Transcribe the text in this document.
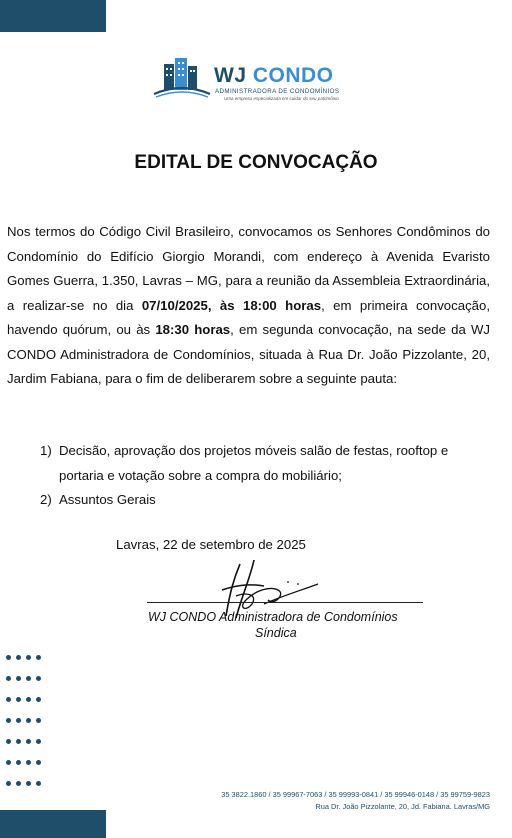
WJ CONDO
ADMINISTRADORA DE CONDOMÍNIOS
Uma empresa especializada em cuidar do seu patrimônio
EDITAL DE CONVOCAÇÃO

Nos termos do Código Civil Brasileiro, convocamos os Senhores Condôminos do Condomínio do Edifício Giorgio Morandi, com endereço à Avenida Evaristo Gomes Guerra, 1.350, Lavras – MG, para a reunião da Assembleia Extraordinária, a realizar-se no dia 07/10/2025, às 18:00 horas, em primeira convocação, havendo quórum, ou às 18:30 horas, em segunda convocação, na sede da WJ CONDO Administradora de Condomínios, situada à Rua Dr. João Pizzolante, 20, Jardim Fabiana, para o fim de deliberarem sobre a seguinte pauta:

1) Decisão, aprovação dos projetos móveis salão de festas, rooftop e portaria e votação sobre a compra do mobiliário;
2) Assuntos Gerais
Lavras, 22 de setembro de 2025
WJ CONDO Administradora de Condomínios
Síndica

35 3822.1860 / 35 99967-7063 / 35 99993-0841 / 35 99946-0148 / 35 99759-9823
Rua Dr. João Pizzolante, 20, Jd. Fabiana. Lavras/MG
